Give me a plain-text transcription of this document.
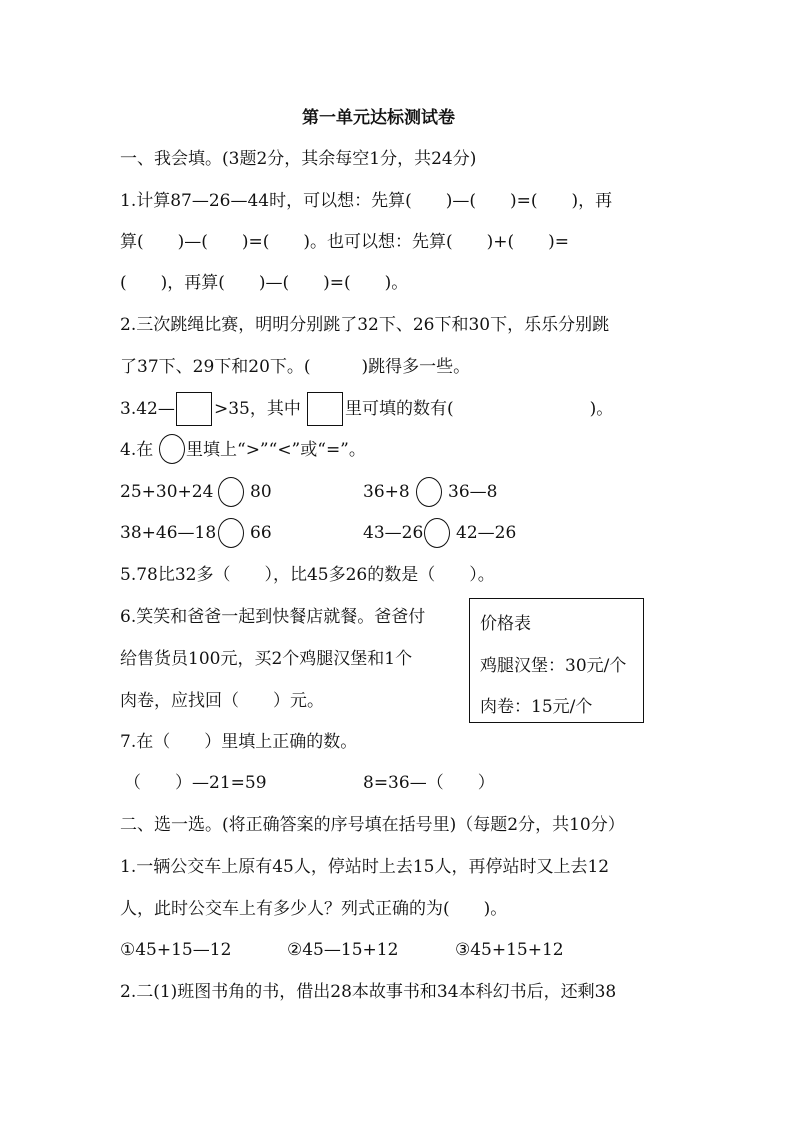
第一单元达标测试卷
一、我会填。(3题2分，其余每空1分，共24分)
1.计算87—26—44时，可以想：先算(　　)—(　　)=(　　)，再
算(　　)—(　　)=(　　)。也可以想：先算(　　)+(　　)=
(　　)，再算(　　)—(　　)=(　　)。
2.三次跳绳比赛，明明分别跳了32下、26下和30下，乐乐分别跳
了37下、29下和20下。(　　　)跳得多一些。
3.42— >35，其中	里可填的数有(　　　　　　　　)。
4.在 里填上“>”“<”或“=”。
25+30+24 80	36+8 36—8
38+46—18 66	43—26 42—26
5.78比32多（　　），比45多26的数是（　　）。
6.笑笑和爸爸一起到快餐店就餐。爸爸付
给售货员100元，买2个鸡腿汉堡和1个
肉卷，应找回（　　）元。
价格表
鸡腿汉堡：30元/个
肉卷：15元/个
7.在（　　）里填上正确的数。
（　　）—21=59	8=36—（　　）
二、选一选。(将正确答案的序号填在括号里)（每题2分，共10分）
1.一辆公交车上原有45人，停站时上去15人，再停站时又上去12
人，此时公交车上有多少人？列式正确的为(　　)。
①45+15—12	②45—15+12	③45+15+12
2.二(1)班图书角的书，借出28本故事书和34本科幻书后，还剩38
